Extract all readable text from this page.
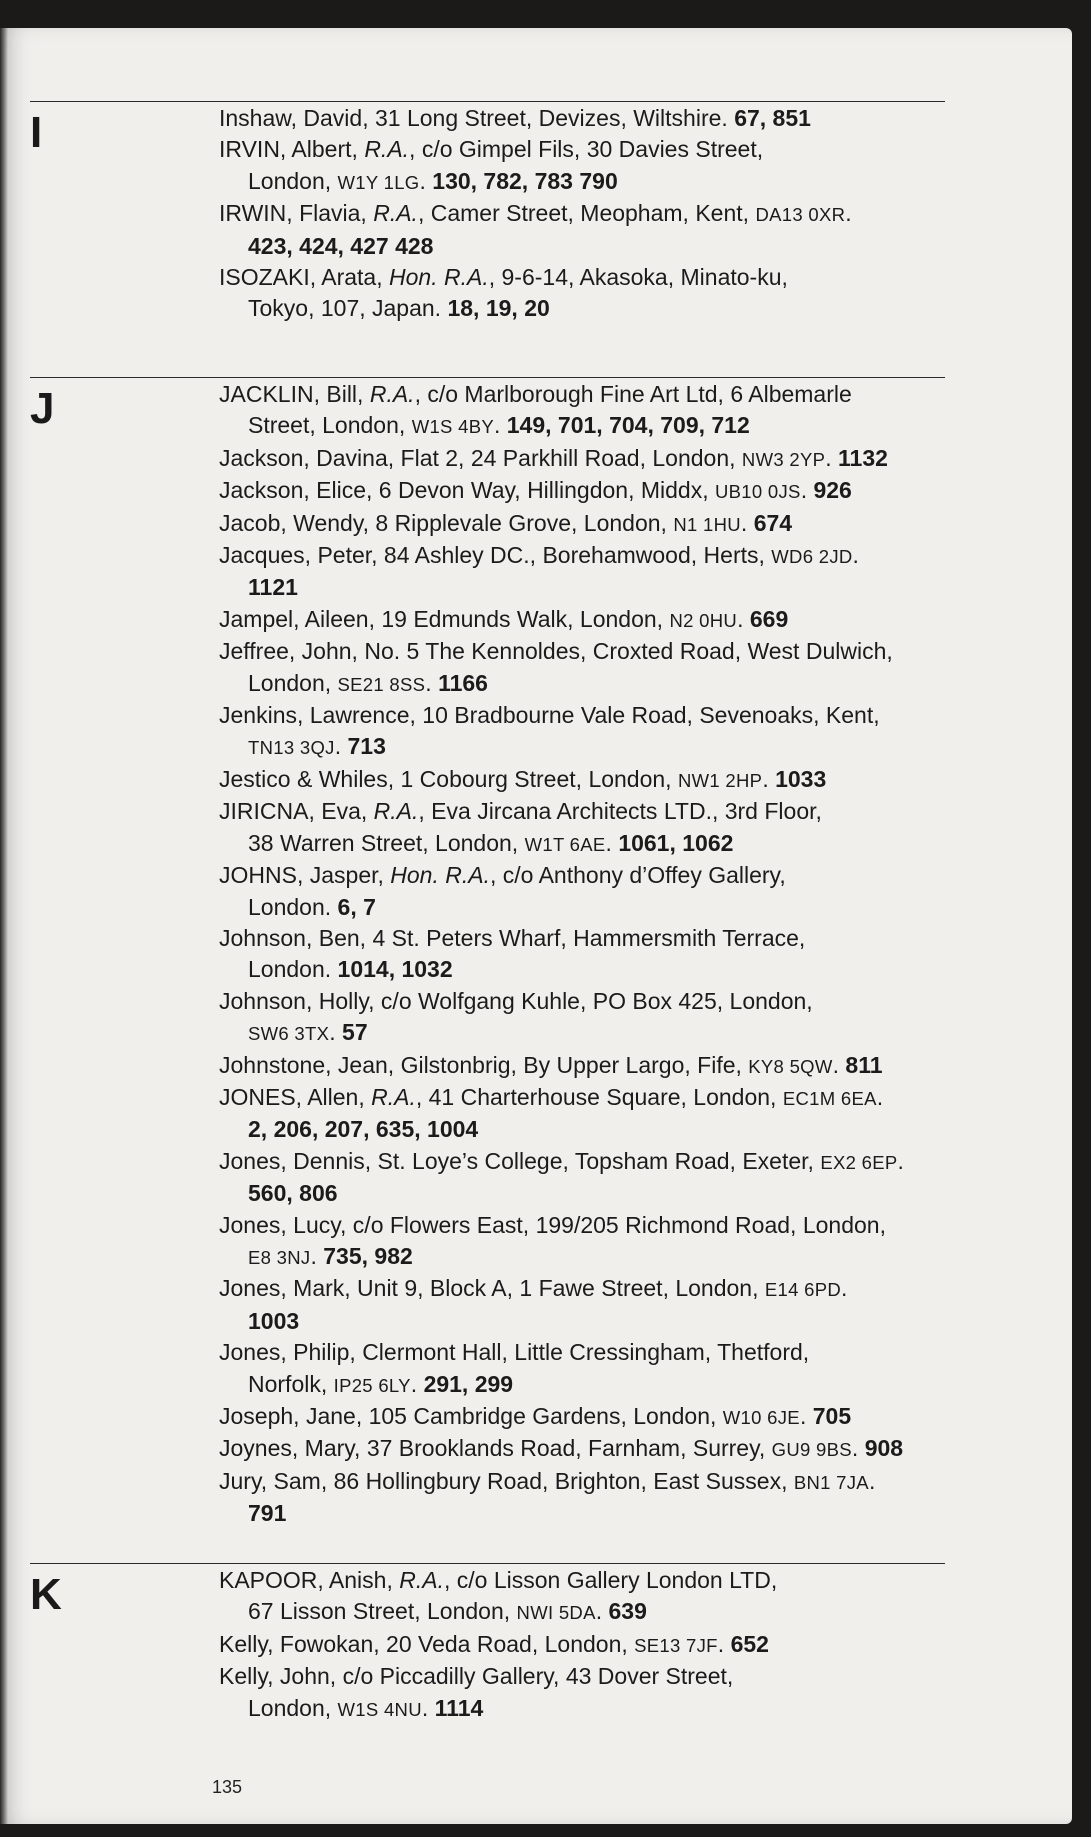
I	Inshaw, David, 31 Long Street, Devizes, Wiltshire. 67, 851
IRVIN, Albert, R.A., c/o Gimpel Fils, 30 Davies Street,
London, W1Y 1LG. 130, 782, 783 790
IRWIN, Flavia, R.A., Camer Street, Meopham, Kent, DA13 0XR.
423, 424, 427 428
ISOZAKI, Arata, Hon. R.A., 9-6-14, Akasoka, Minato-ku,
Tokyo, 107, Japan. 18, 19, 20
J	JACKLIN, Bill, R.A., c/o Marlborough Fine Art Ltd, 6 Albemarle
Street, London, W1S 4BY. 149, 701, 704, 709, 712
Jackson, Davina, Flat 2, 24 Parkhill Road, London, NW3 2YP. 1132
Jackson, Elice, 6 Devon Way, Hillingdon, Middx, UB10 0JS. 926
Jacob, Wendy, 8 Ripplevale Grove, London, N1 1HU. 674
Jacques, Peter, 84 Ashley DC., Borehamwood, Herts, WD6 2JD.
1121
Jampel, Aileen, 19 Edmunds Walk, London, N2 0HU. 669
Jeffree, John, No. 5 The Kennoldes, Croxted Road, West Dulwich,
London, SE21 8SS. 1166
Jenkins, Lawrence, 10 Bradbourne Vale Road, Sevenoaks, Kent,
TN13 3QJ. 713
Jestico & Whiles, 1 Cobourg Street, London, NW1 2HP. 1033
JIRICNA, Eva, R.A., Eva Jircana Architects LTD., 3rd Floor,
38 Warren Street, London, W1T 6AE. 1061, 1062
JOHNS, Jasper, Hon. R.A., c/o Anthony d’Offey Gallery,
London. 6, 7
Johnson, Ben, 4 St. Peters Wharf, Hammersmith Terrace,
London. 1014, 1032
Johnson, Holly, c/o Wolfgang Kuhle, PO Box 425, London,
SW6 3TX. 57
Johnstone, Jean, Gilstonbrig, By Upper Largo, Fife, KY8 5QW. 811
JONES, Allen, R.A., 41 Charterhouse Square, London, EC1M 6EA.
2, 206, 207, 635, 1004
Jones, Dennis, St. Loye’s College, Topsham Road, Exeter, EX2 6EP.
560, 806
Jones, Lucy, c/o Flowers East, 199/205 Richmond Road, London,
E8 3NJ. 735, 982
Jones, Mark, Unit 9, Block A, 1 Fawe Street, London, E14 6PD.
1003
Jones, Philip, Clermont Hall, Little Cressingham, Thetford,
Norfolk, IP25 6LY. 291, 299
Joseph, Jane, 105 Cambridge Gardens, London, W10 6JE. 705
Joynes, Mary, 37 Brooklands Road, Farnham, Surrey, GU9 9BS. 908
Jury, Sam, 86 Hollingbury Road, Brighton, East Sussex, BN1 7JA.
791
K	KAPOOR, Anish, R.A., c/o Lisson Gallery London LTD,
67 Lisson Street, London, NWI 5DA. 639
Kelly, Fowokan, 20 Veda Road, London, SE13 7JF. 652
Kelly, John, c/o Piccadilly Gallery, 43 Dover Street,
London, W1S 4NU. 1114
135
